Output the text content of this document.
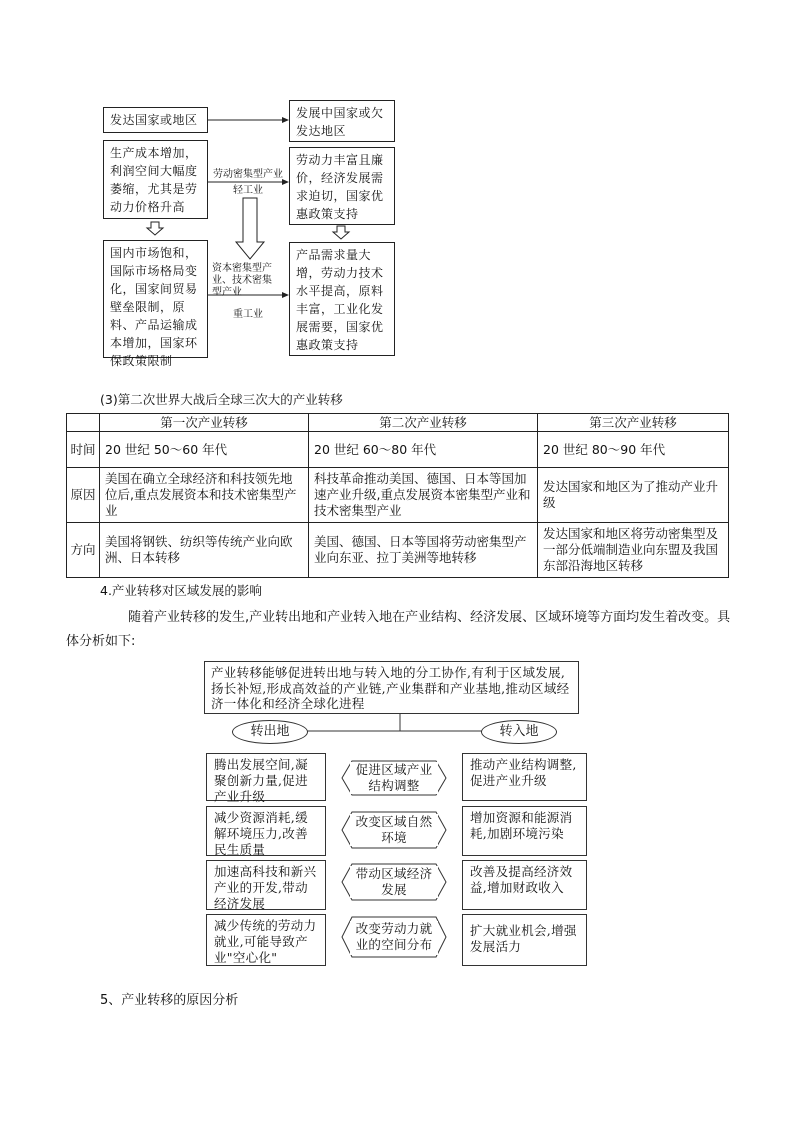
发达国家或地区	发展中国家或欠发达地区
生产成本增加，利润空间大幅度萎缩，尤其是劳动力价格升高
劳动力丰富且廉价，经济发展需求迫切，国家优惠政策支持
国内市场饱和，国际市场格局变化，国家间贸易壁垒限制，原料、产品运输成本增加，国家环保政策限制
产品需求量大增，劳动力技术水平提高，原料丰富，工业化发展需要，国家优惠政策支持
劳动密集型产业
轻工业
资本密集型产业、技术密集型产业
重工业
(3)第二次世界大战后全球三次大的产业转移
	第一次产业转移	第二次产业转移	第三次产业转移
时间	20 世纪 50～60 年代	20 世纪 60～80 年代	20 世纪 80～90 年代
原因	美国在确立全球经济和科技领先地位后,重点发展资本和技术密集型产业	科技革命推动美国、德国、日本等国加速产业升级,重点发展资本密集型产业和技术密集型产业	发达国家和地区为了推动产业升级
方向	美国将钢铁、纺织等传统产业向欧洲、日本转移	美国、德国、日本等国将劳动密集型产业向东亚、拉丁美洲等地转移	发达国家和地区将劳动密集型及一部分低端制造业向东盟及我国东部沿海地区转移
4.产业转移对区域发展的影响
随着产业转移的发生,产业转出地和产业转入地在产业结构、经济发展、区域环境等方面均发生着改变。具体分析如下:
产业转移能够促进转出地与转入地的分工协作,有利于区域发展,扬长补短,形成高效益的产业链,产业集群和产业基地,推动区域经济一体化和经济全球化进程
转出地	转入地
腾出发展空间,凝聚创新力量,促进产业升级
促进区域产业结构调整
推动产业结构调整,促进产业升级
减少资源消耗,缓解环境压力,改善民生质量
改变区域自然环境
增加资源和能源消耗,加剧环境污染
加速高科技和新兴产业的开发,带动经济发展
带动区域经济发展
改善及提高经济效益,增加财政收入
减少传统的劳动力就业,可能导致产业"空心化"
改变劳动力就业的空间分布
扩大就业机会,增强发展活力
5、产业转移的原因分析
